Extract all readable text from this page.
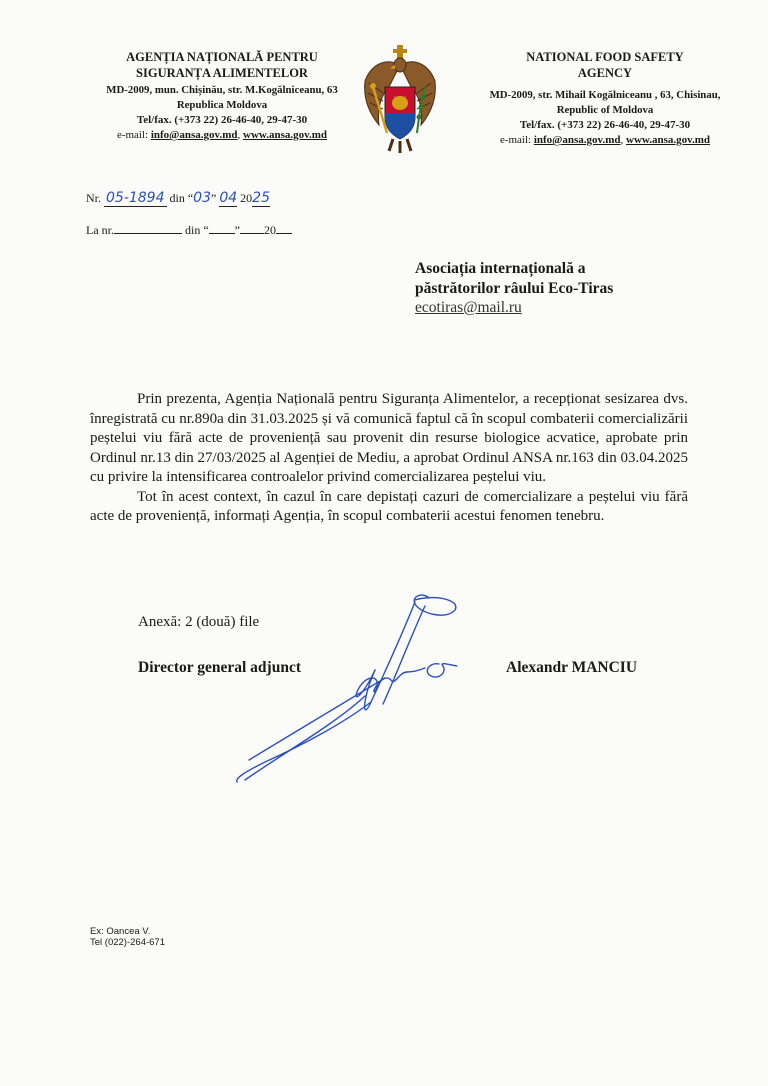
AGENȚIA NAȚIONALĂ PENTRU
SIGURANȚA ALIMENTELOR
MD-2009, mun. Chișinău, str. M.Kogălniceanu, 63
Republica Moldova
Tel/fax. (+373 22) 26-46-40, 29-47-30
e-mail: info@ansa.gov.md, www.ansa.gov.md
NATIONAL FOOD SAFETY
AGENCY
MD-2009, str. Mihail Kogălniceanu , 63, Chisinau,
Republic of Moldova
Tel/fax. (+373 22) 26-46-40, 29-47-30
e-mail: info@ansa.gov.md, www.ansa.gov.md
Nr. 05-1894 din “03” 04 2025
La nr.	din “ ” 20
Asociația internațională a
păstrătorilor râului Eco-Tiras
ecotiras@mail.ru

Prin prezenta, Agenția Națională pentru Siguranța Alimentelor, a recepționat sesizarea dvs. înregistrată cu nr.890a din 31.03.2025 și vă comunică faptul că în scopul combaterii comercializării peștelui viu fără acte de proveniență sau provenit din resurse biologice acvatice, aprobate prin Ordinul nr.13 din 27/03/2025 al Agenției de Mediu, a aprobat Ordinul ANSA nr.163 din 03.04.2025 cu privire la intensificarea controalelor privind comercializarea peștelui viu.

Tot în acest context, în cazul în care depistați cazuri de comercializare a peștelui viu fără acte de proveniență, informați Agenția, în scopul combaterii acestui fenomen tenebru.

Anexă: 2 (două) file
Director general adjunct	Alexandr MANCIU
Ex: Oancea V.
Tel (022)-264-671
